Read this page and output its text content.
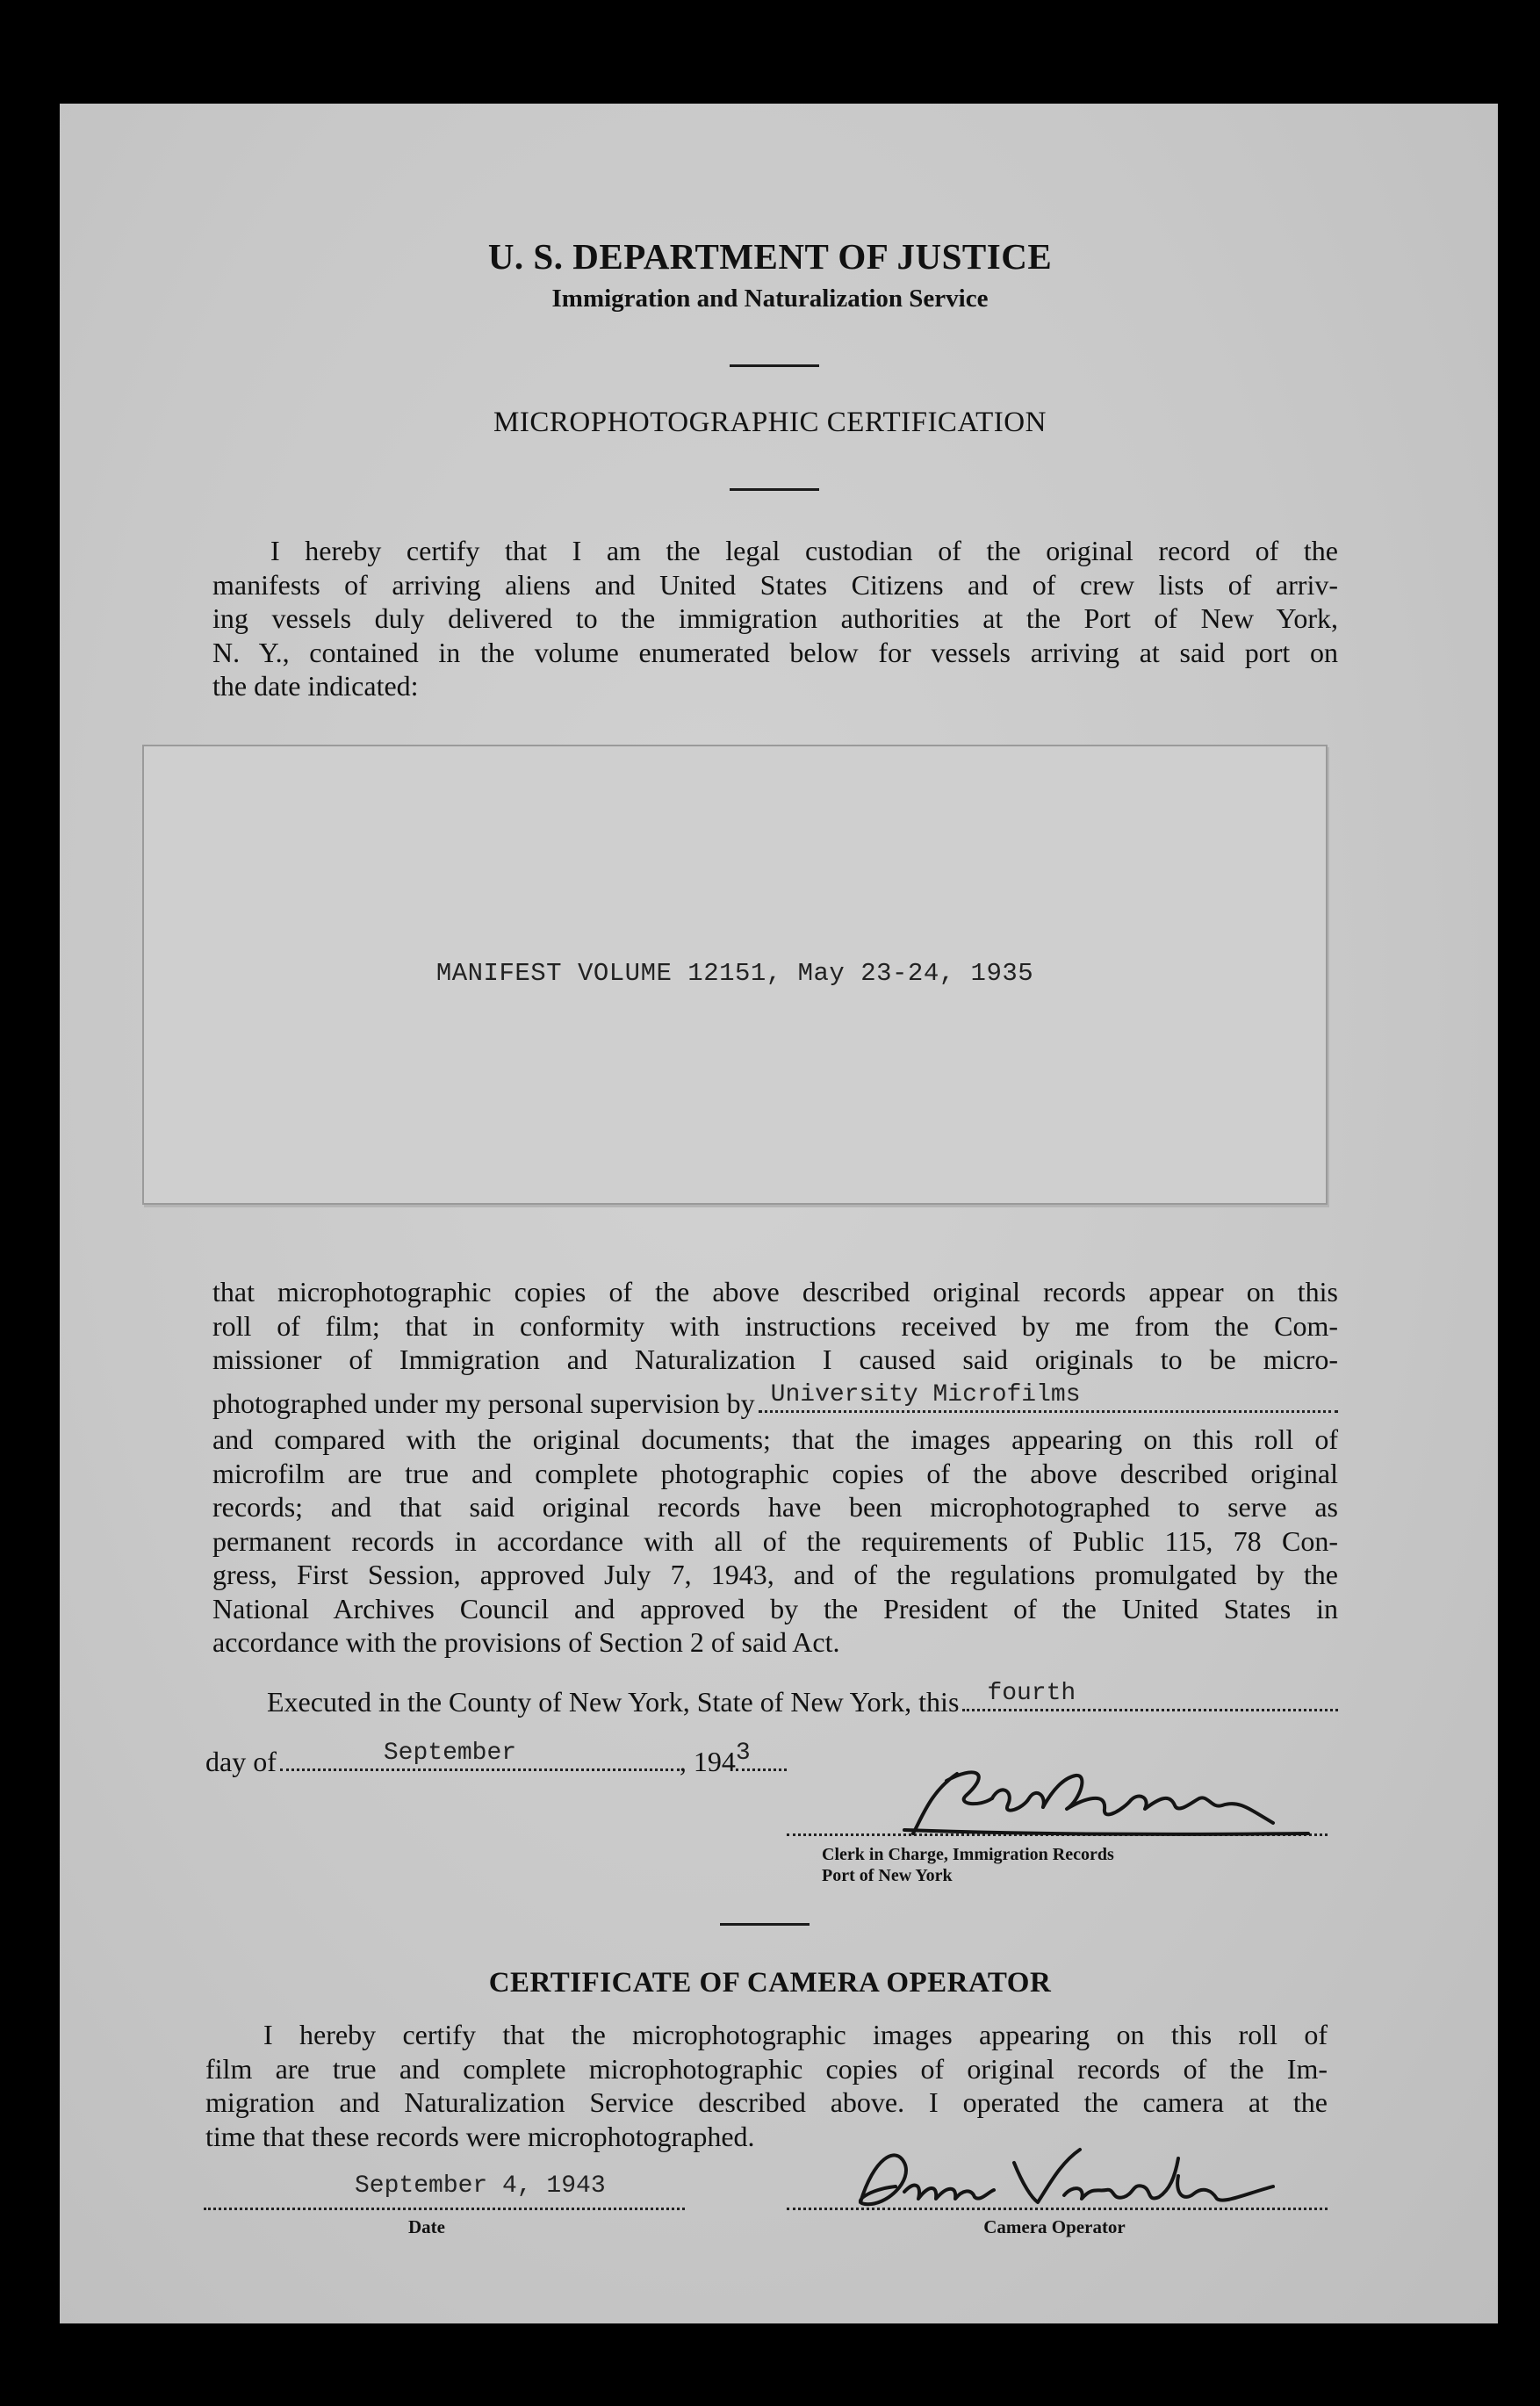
U. S. DEPARTMENT OF JUSTICE
Immigration and Naturalization Service
MICROPHOTOGRAPHIC CERTIFICATION
I hereby certify that I am the legal custodian of the original record of the
manifests of arriving aliens and United States Citizens and of crew lists of arriv-
ing vessels duly delivered to the immigration authorities at the Port of New York,
N. Y., contained in the volume enumerated below for vessels arriving at said port on
the date indicated:
MANIFEST VOLUME 12151, May 23-24, 1935
that microphotographic copies of the above described original records appear on this
roll of film; that in conformity with instructions received by me from the Com-
missioner of Immigration and Naturalization I caused said originals to be micro-
photographed under my personal supervision by University Microfilms
and compared with the original documents; that the images appearing on this roll of
microfilm are true and complete photographic copies of the above described original
records; and that said original records have been microphotographed to serve as
permanent records in accordance with all of the requirements of Public 115, 78 Con-
gress, First Session, approved July 7, 1943, and of the regulations promulgated by the
National Archives Council and approved by the President of the United States in
accordance with the provisions of Section 2 of said Act.
Executed in the County of New York, State of New York, this fourth
day of	September	, 194 3
Clerk in Charge, Immigration Records
Port of New York
CERTIFICATE OF CAMERA OPERATOR
I hereby certify that the microphotographic images appearing on this roll of
film are true and complete microphotographic copies of original records of the Im-
migration and Naturalization Service described above. I operated the camera at the
time that these records were microphotographed.
September 4, 1943
Date	Camera Operator
